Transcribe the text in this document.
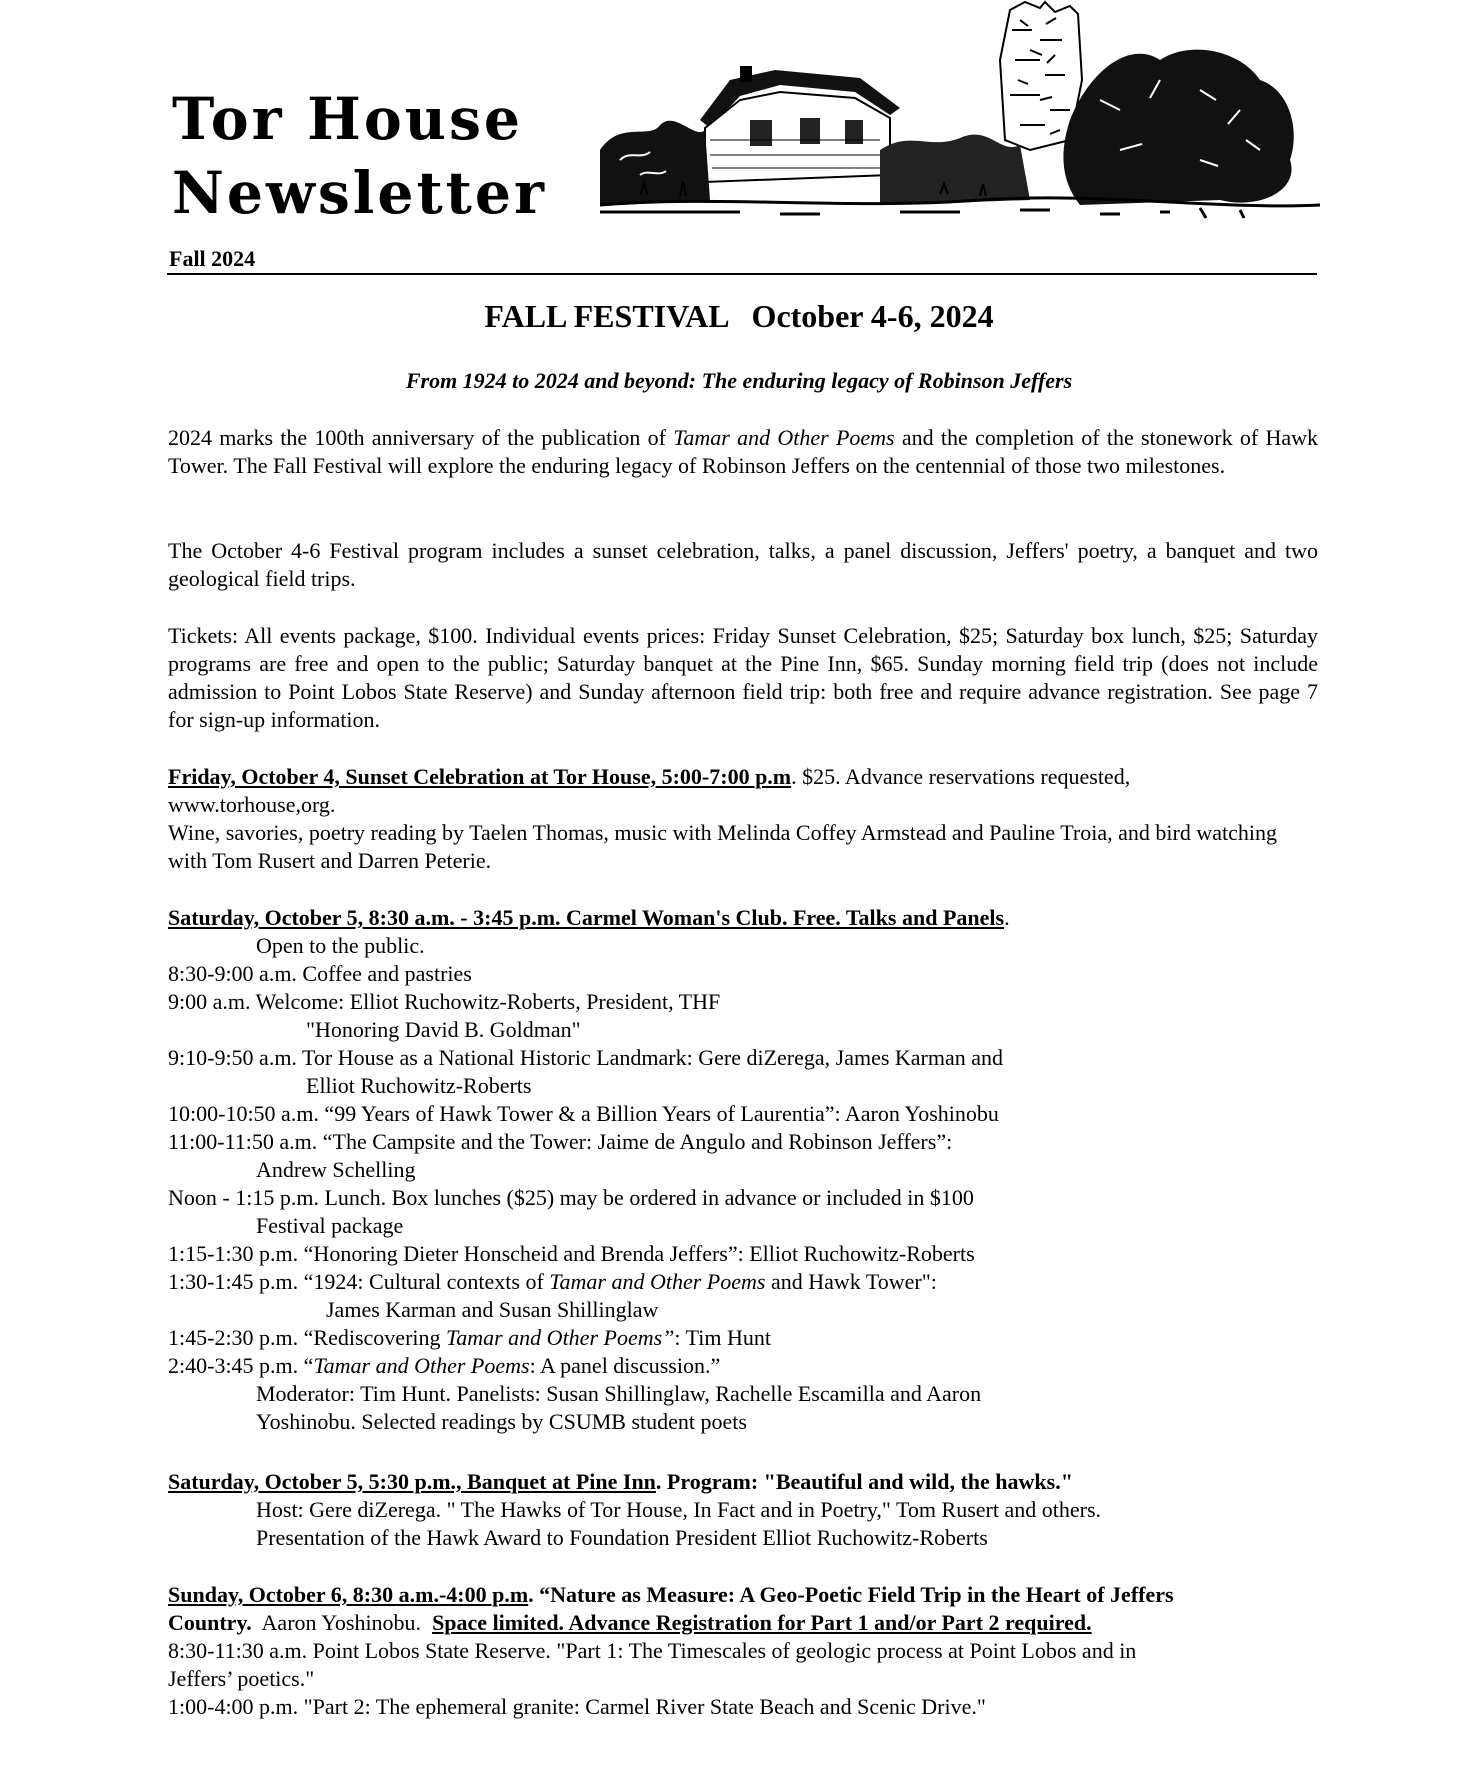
Tor House
Newsletter
Fall 2024
FALL FESTIVAL October 4-6, 2024
From 1924 to 2024 and beyond: The enduring legacy of Robinson Jeffers
2024 marks the 100th anniversary of the publication of Tamar and Other Poems and the completion of the stonework of Hawk Tower. The Fall Festival will explore the enduring legacy of Robinson Jeffers on the centennial of those two milestones.
The October 4-6 Festival program includes a sunset celebration, talks, a panel discussion, Jeffers' poetry, a banquet and two geological field trips.
Tickets: All events package, $100. Individual events prices: Friday Sunset Celebration, $25; Saturday box lunch, $25; Saturday programs are free and open to the public; Saturday banquet at the Pine Inn, $65. Sunday morning field trip (does not include admission to Point Lobos State Reserve) and Sunday afternoon field trip: both free and require advance registration. See page 7 for sign-up information.
Friday, October 4, Sunset Celebration at Tor House, 5:00-7:00 p.m. $25. Advance reservations requested,
www.torhouse,org.
Wine, savories, poetry reading by Taelen Thomas, music with Melinda Coffey Armstead and Pauline Troia, and bird watching with Tom Rusert and Darren Peterie.
Saturday, October 5, 8:30 a.m. - 3:45 p.m. Carmel Woman's Club. Free. Talks and Panels.
Open to the public.
8:30-9:00 a.m. Coffee and pastries
9:00 a.m. Welcome: Elliot Ruchowitz-Roberts, President, THF
"Honoring David B. Goldman"
9:10-9:50 a.m. Tor House as a National Historic Landmark: Gere diZerega, James Karman and
Elliot Ruchowitz-Roberts
10:00-10:50 a.m. “99 Years of Hawk Tower & a Billion Years of Laurentia”: Aaron Yoshinobu
11:00-11:50 a.m. “The Campsite and the Tower: Jaime de Angulo and Robinson Jeffers”:
Andrew Schelling
Noon - 1:15 p.m. Lunch. Box lunches ($25) may be ordered in advance or included in $100
Festival package
1:15-1:30 p.m. “Honoring Dieter Honscheid and Brenda Jeffers”: Elliot Ruchowitz-Roberts
1:30-1:45 p.m. “1924: Cultural contexts of Tamar and Other Poems and Hawk Tower":
James Karman and Susan Shillinglaw
1:45-2:30 p.m. “Rediscovering Tamar and Other Poems”: Tim Hunt
2:40-3:45 p.m. “Tamar and Other Poems: A panel discussion.”
Moderator: Tim Hunt. Panelists: Susan Shillinglaw, Rachelle Escamilla and Aaron
Yoshinobu. Selected readings by CSUMB student poets
Saturday, October 5, 5:30 p.m., Banquet at Pine Inn. Program: "Beautiful and wild, the hawks."
Host: Gere diZerega. " The Hawks of Tor House, In Fact and in Poetry," Tom Rusert and others.
Presentation of the Hawk Award to Foundation President Elliot Ruchowitz-Roberts
Sunday, October 6, 8:30 a.m.-4:00 p.m. “Nature as Measure: A Geo-Poetic Field Trip in the Heart of Jeffers
Country.  Aaron Yoshinobu.  Space limited. Advance Registration for Part 1 and/or Part 2 required.
8:30-11:30 a.m. Point Lobos State Reserve. "Part 1: The Timescales of geologic process at Point Lobos and in
Jeffers’ poetics."
1:00-4:00 p.m. "Part 2: The ephemeral granite: Carmel River State Beach and Scenic Drive."
